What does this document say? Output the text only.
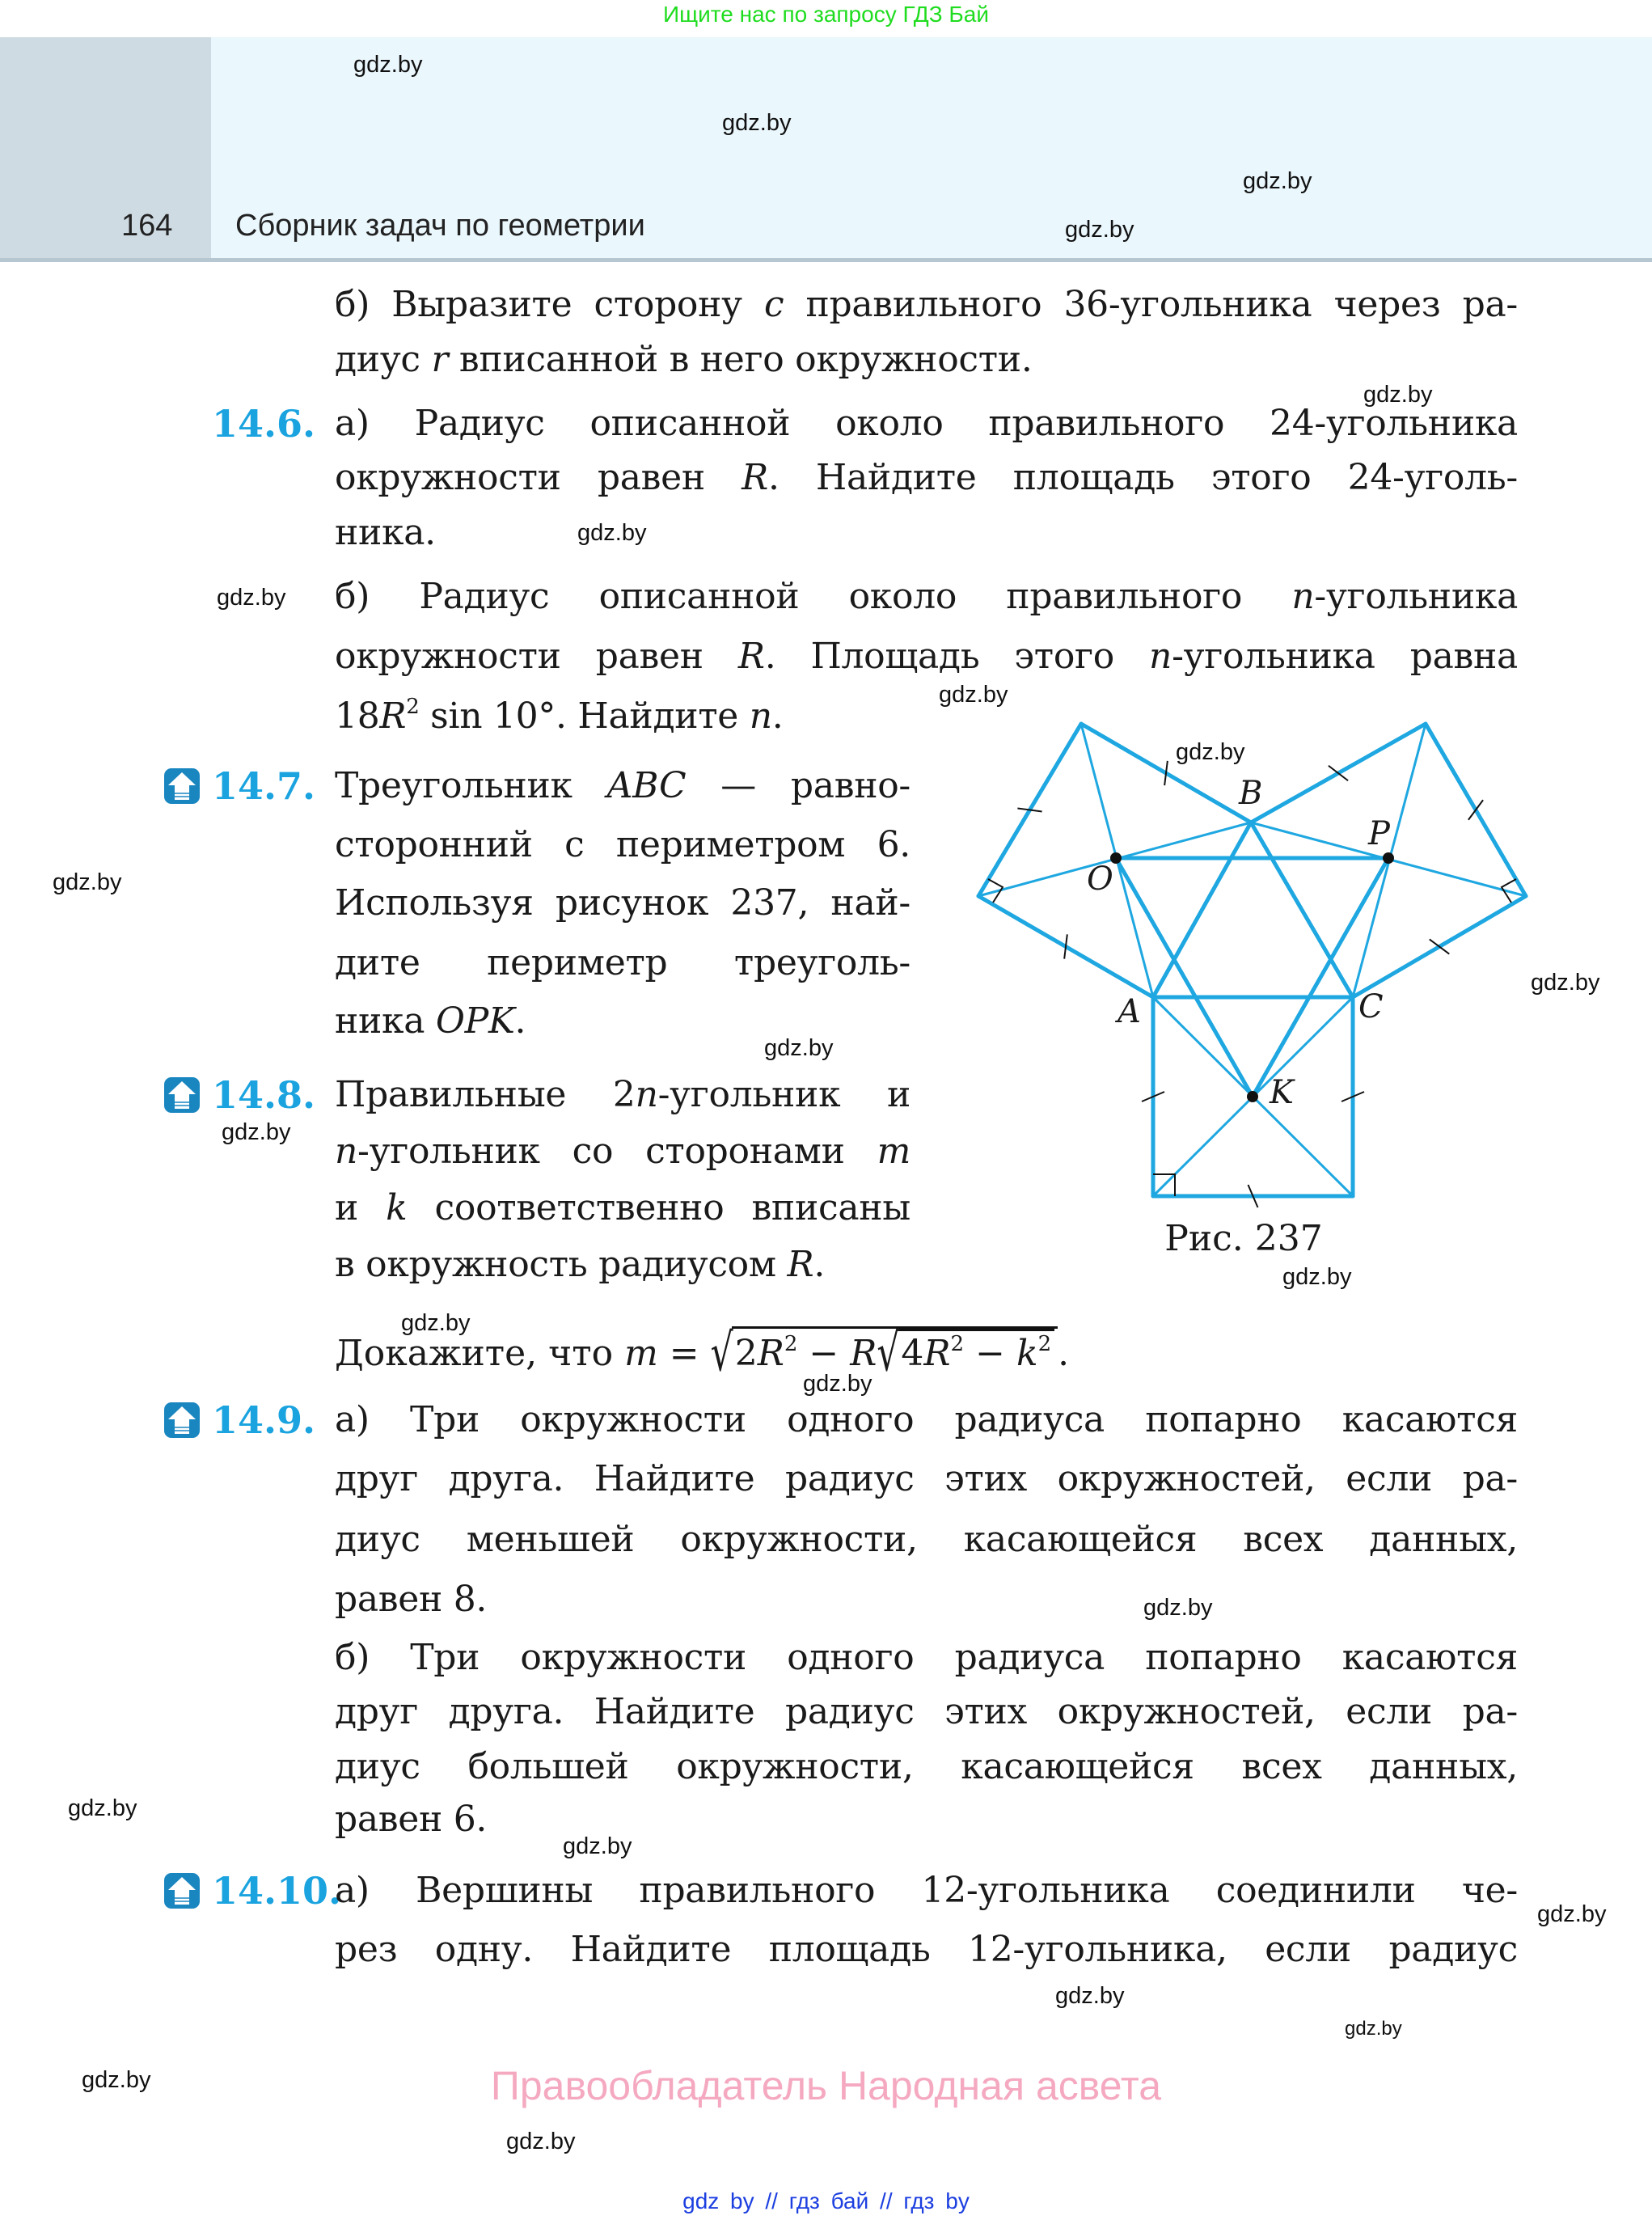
Ищите нас по запросу ГДЗ Бай
164 Сборник задач по геометрии
б) Выразите сторону c правильного 36-угольника через ра-
диус r вписанной в него окружности.
14.6. а) Радиус описанной около правильного 24-угольника
окружности равен R. Найдите площадь этого 24-уголь-
ника.
б) Радиус описанной около правильного n-угольника
окружности равен R. Площадь этого n-угольника равна
$18R^2$ sin 10°. Найдите n.
14.7. Треугольник ABC — равно-
сторонний с периметром 6.
Используя рисунок 237, най-
дите периметр треуголь-
ника OPK.
14.8. Правильные 2n-угольник и
n-угольник со сторонами m
и k соответственно вписаны
в окружность радиусом R.
14.9. а) Три окружности одного радиуса попарно касаются
друг друга. Найдите радиус этих окружностей, если ра-
диус меньшей окружности, касающейся всех данных,
равен 8.
б) Три окружности одного радиуса попарно касаются
друг друга. Найдите радиус этих окружностей, если ра-
диус большей окружности, касающейся всех данных,
равен 6.
14.10.
а) Вершины правильного 12-угольника соединили че-
рез одну. Найдите площадь 12-угольника, если радиус
Докажите, что $m = √2R^2 - R√4R^2 - k^2$ .
B
O
P
A	C
K
Рис. 237
gdz.by
gdz.by
gdz.by
gdz.by
gdz.by
gdz.by
gdz.by
gdz.by
gdz.by
gdz.by
gdz.by
gdz.by
gdz.by
gdz.by
gdz.by
gdz.by
gdz.by
gdz.by
gdz.by
gdz.by
gdz.by
gdz.by
gdz.by
gdz.by
Правообладатель Народная асвета
gdz by // гдз бай // гдз by
